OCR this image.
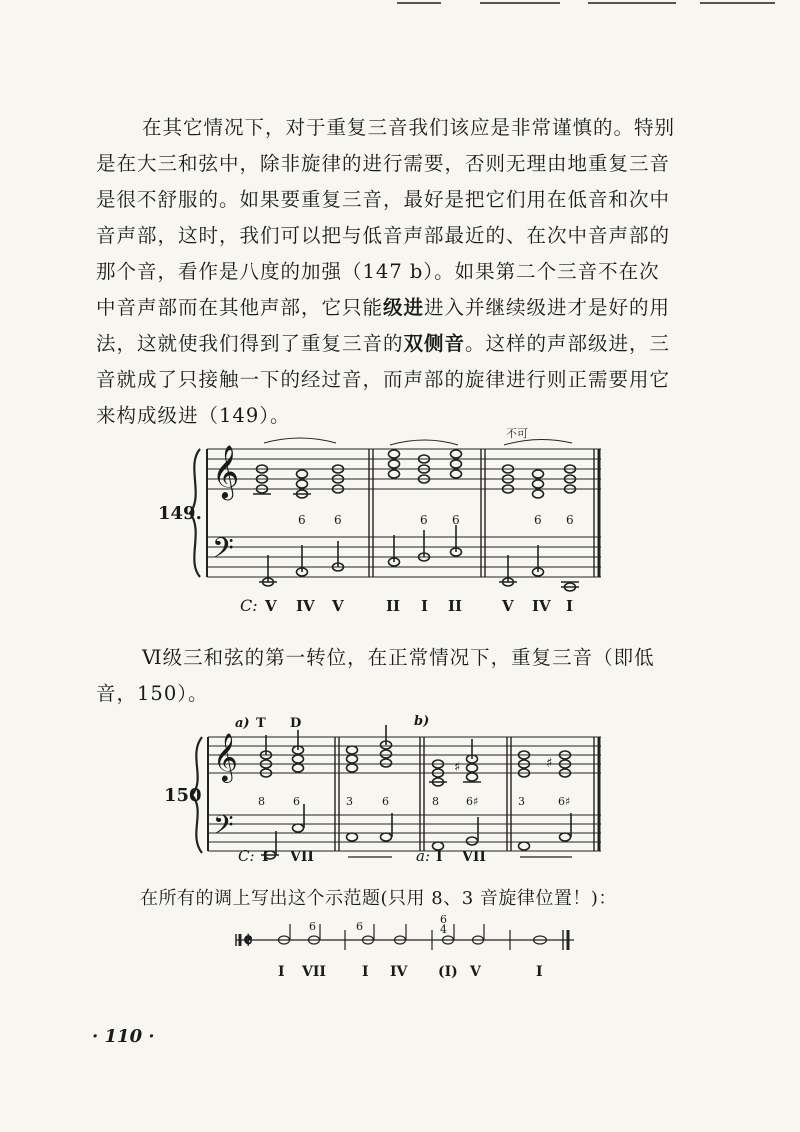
在其它情况下，对于重复三音我们该应是非常谨慎的。特别
是在大三和弦中，除非旋律的进行需要，否则无理由地重复三音
是很不舒服的。如果要重复三音，最好是把它们用在低音和次中
音声部，这时，我们可以把与低音声部最近的、在次中音声部的
那个音，看作是八度的加强（147 b）。如果第二个三音不在次
中音声部而在其他声部，它只能级进进入并继续级进才是好的用
法，这就使我们得到了重复三音的双侧音。这样的声部级进，三
音就成了只接触一下的经过音，而声部的旋律进行则正需要用它
来构成级进（149）。
𝄞
𝄢
149.
不可
6 6	6 6	6 6
C: V IV V	II I II	V IV I
Ⅵ级三和弦的第一转位，在正常情况下，重复三音（即低
音，150）。
𝄞
𝄢
♯	♯
150
a) T D	b)
8	6	3	6	8 6♯	3	6♯
C: I VII	a: I VII
在所有的调上写出这个示范题(只用 8、3 音旋律位置！)：
𝄵
6	6
6
4
I VII	I IV (I) V	I
· 110 ·
